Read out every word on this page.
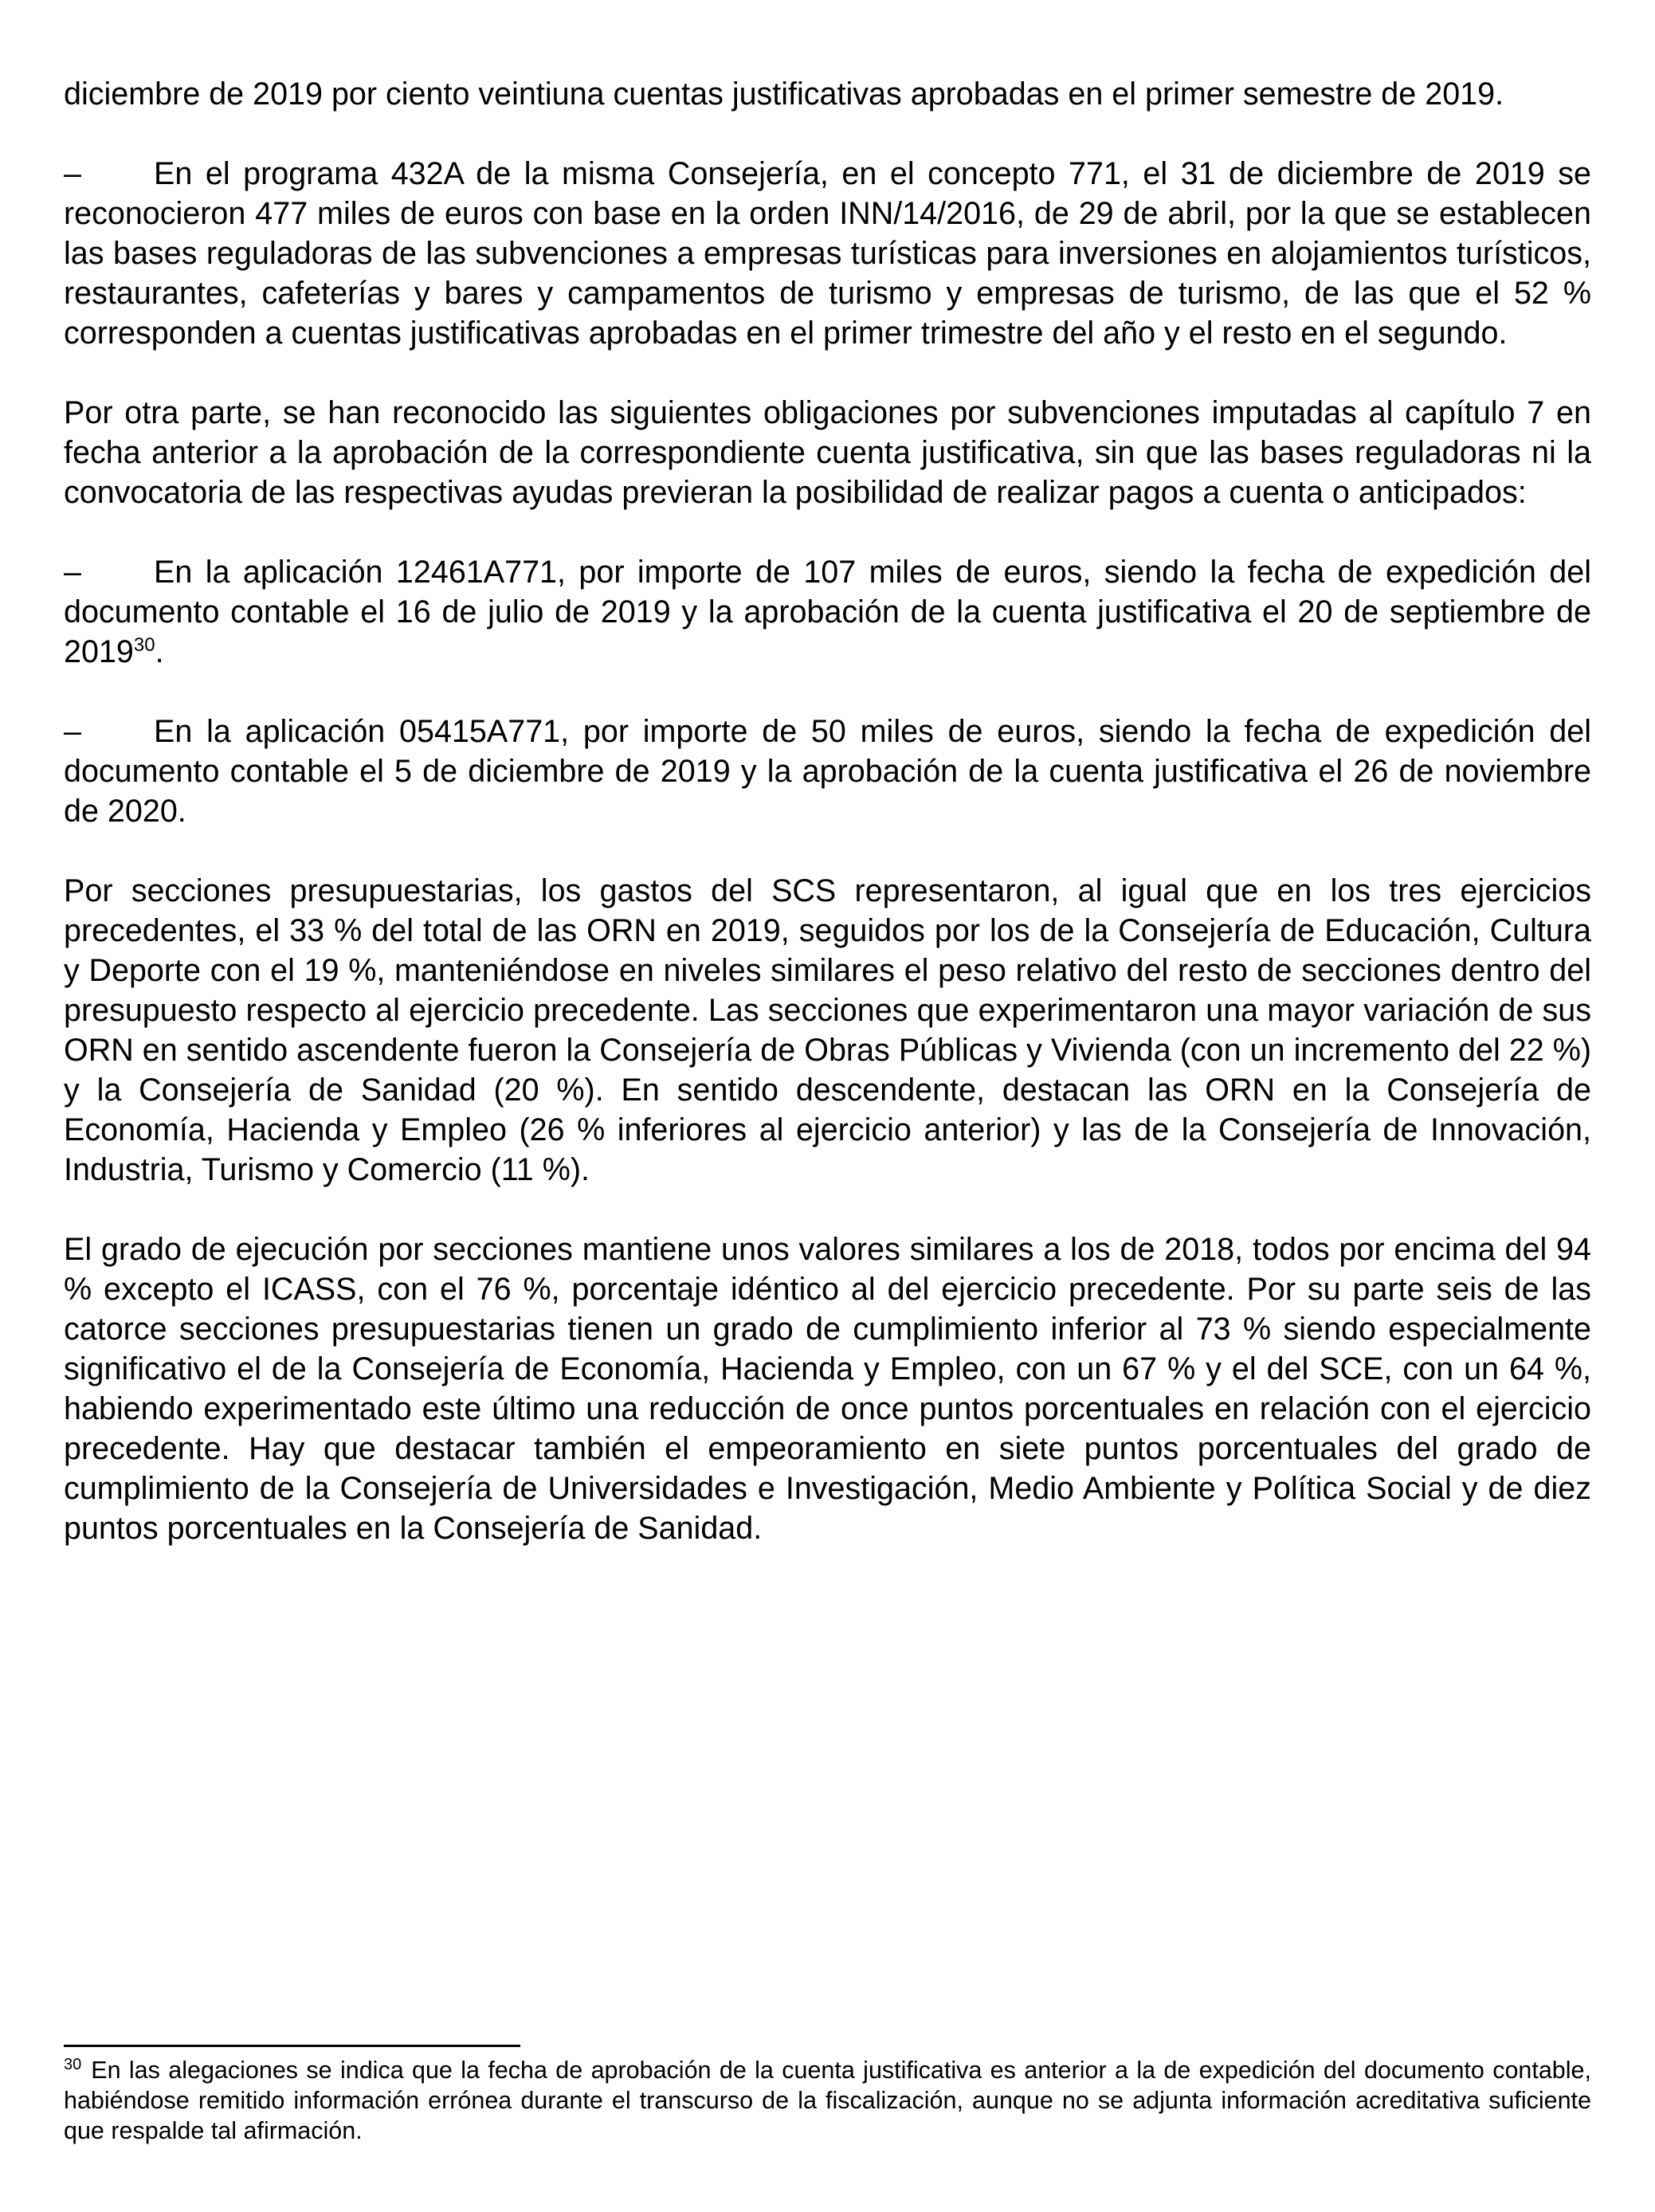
diciembre de 2019 por ciento veintiuna cuentas justificativas aprobadas en el primer semestre de 2019.

– En el programa 432A de la misma Consejería, en el concepto 771, el 31 de diciembre de 2019 se reconocieron 477 miles de euros con base en la orden INN/14/2016, de 29 de abril, por la que se establecen las bases reguladoras de las subvenciones a empresas turísticas para inversiones en alojamientos turísticos, restaurantes, cafeterías y bares y campamentos de turismo y empresas de turismo, de las que el 52 % corresponden a cuentas justificativas aprobadas en el primer trimestre del año y el resto en el segundo.

Por otra parte, se han reconocido las siguientes obligaciones por subvenciones imputadas al capítulo 7 en fecha anterior a la aprobación de la correspondiente cuenta justificativa, sin que las bases reguladoras ni la convocatoria de las respectivas ayudas previeran la posibilidad de realizar pagos a cuenta o anticipados:

– En la aplicación 12461A771, por importe de 107 miles de euros, siendo la fecha de expedición del documento contable el 16 de julio de 2019 y la aprobación de la cuenta justificativa el 20 de septiembre de 2019$^{30}$.

– En la aplicación 05415A771, por importe de 50 miles de euros, siendo la fecha de expedición del documento contable el 5 de diciembre de 2019 y la aprobación de la cuenta justificativa el 26 de noviembre de 2020.

Por secciones presupuestarias, los gastos del SCS representaron, al igual que en los tres ejercicios precedentes, el 33 % del total de las ORN en 2019, seguidos por los de la Consejería de Educación, Cultura y Deporte con el 19 %, manteniéndose en niveles similares el peso relativo del resto de secciones dentro del presupuesto respecto al ejercicio precedente. Las secciones que experimentaron una mayor variación de sus ORN en sentido ascendente fueron la Consejería de Obras Públicas y Vivienda (con un incremento del 22 %) y la Consejería de Sanidad (20 %). En sentido descendente, destacan las ORN en la Consejería de Economía, Hacienda y Empleo (26 % inferiores al ejercicio anterior) y las de la Consejería de Innovación, Industria, Turismo y Comercio (11 %).

El grado de ejecución por secciones mantiene unos valores similares a los de 2018, todos por encima del 94 % excepto el ICASS, con el 76 %, porcentaje idéntico al del ejercicio precedente. Por su parte seis de las catorce secciones presupuestarias tienen un grado de cumplimiento inferior al 73 % siendo especialmente significativo el de la Consejería de Economía, Hacienda y Empleo, con un 67 % y el del SCE, con un 64 %, habiendo experimentado este último una reducción de once puntos porcentuales en relación con el ejercicio precedente. Hay que destacar también el empeoramiento en siete puntos porcentuales del grado de cumplimiento de la Consejería de Universidades e Investigación, Medio Ambiente y Política Social y de diez puntos porcentuales en la Consejería de Sanidad.

$^{30}$ En las alegaciones se indica que la fecha de aprobación de la cuenta justificativa es anterior a la de expedición del documento contable, habiéndose remitido información errónea durante el transcurso de la fiscalización, aunque no se adjunta información acreditativa suficiente que respalde tal afirmación.
